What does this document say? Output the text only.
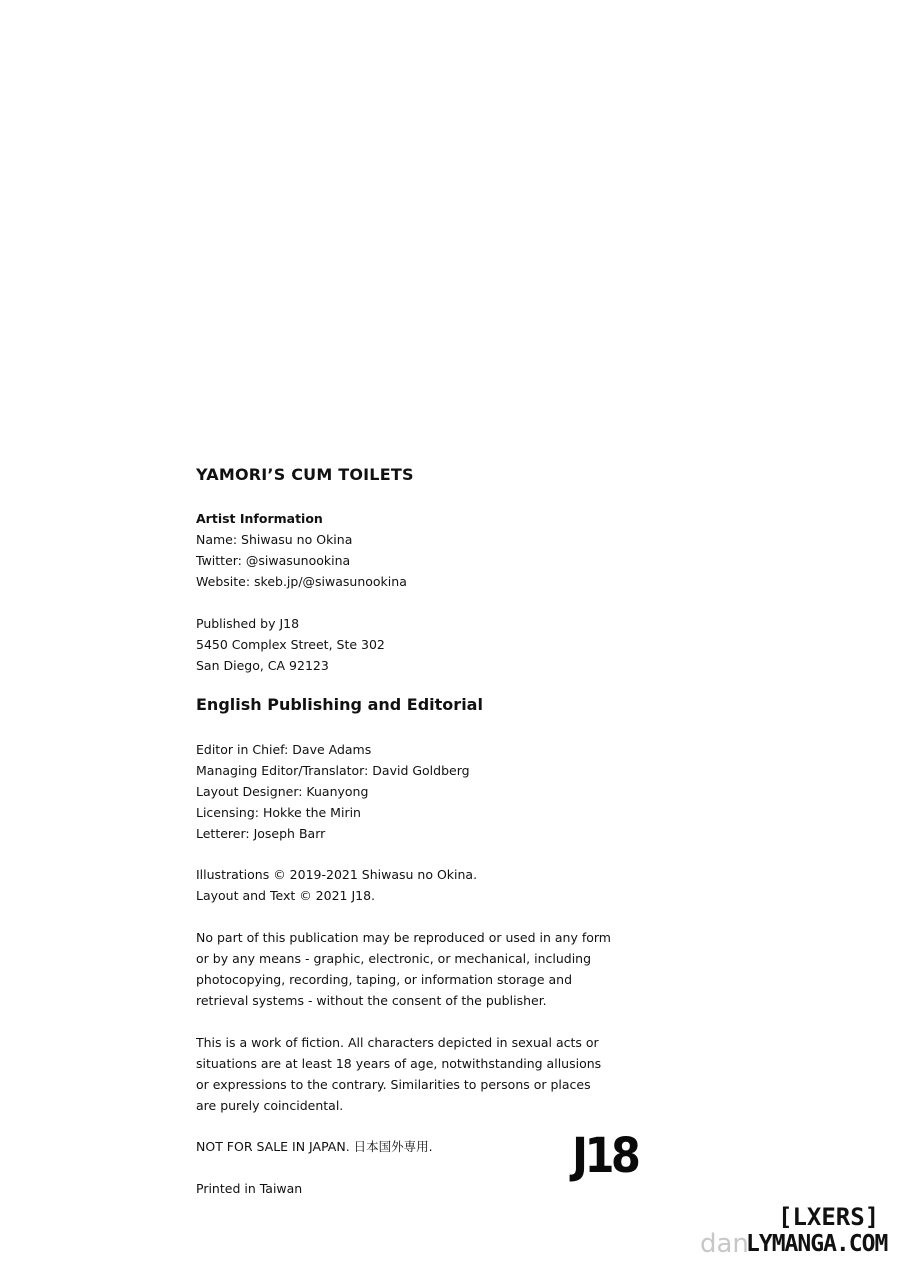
YAMORI’S CUM TOILETS
Artist Information
Name: Shiwasu no Okina
Twitter: @siwasunookina
Website: skeb.jp/@siwasunookina
Published by J18
5450 Complex Street, Ste 302
San Diego, CA 92123
English Publishing and Editorial
Editor in Chief: Dave Adams
Managing Editor/Translator: David Goldberg
Layout Designer: Kuanyong
Licensing: Hokke the Mirin
Letterer: Joseph Barr
Illustrations © 2019-2021 Shiwasu no Okina.
Layout and Text © 2021 J18.
No part of this publication may be reproduced or used in any form
or by any means - graphic, electronic, or mechanical, including
photocopying, recording, taping, or information storage and
retrieval systems - without the consent of the publisher.
This is a work of fiction. All characters depicted in sexual acts or
situations are at least 18 years of age, notwithstanding allusions
or expressions to the contrary. Similarities to persons or places
are purely coincidental.
NOT FOR SALE IN JAPAN. 日本国外専用.
Printed in Taiwan
J18
[LXERS]
LYMANGA.COM
dan
